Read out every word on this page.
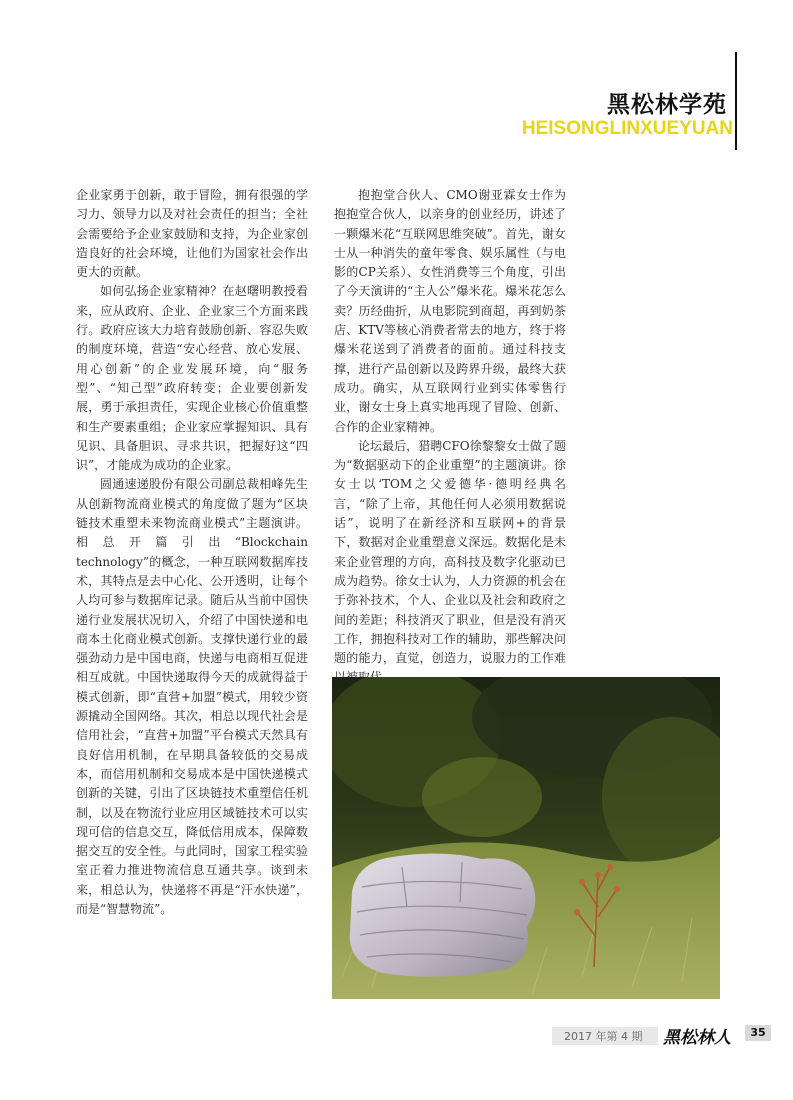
黑松林学苑
HEISONGLINXUEYUAN

企业家勇于创新，敢于冒险，拥有很强的学习力、领导力以及对社会责任的担当；全社会需要给予企业家鼓励和支持，为企业家创造良好的社会环境，让他们为国家社会作出更大的贡献。

如何弘扬企业家精神？在赵曙明教授看来，应从政府、企业、企业家三个方面来践行。政府应该大力培育鼓励创新、容忍失败的制度环境，营造“安心经营、放心发展、用心创新”的企业发展环境，向“服务型”、“知己型”政府转变；企业要创新发展，勇于承担责任，实现企业核心价值重整和生产要素重组；企业家应掌握知识、具有见识、具备胆识、寻求共识，把握好这“四识”，才能成为成功的企业家。

圆通速递股份有限公司副总裁相峰先生从创新物流商业模式的角度做了题为“区块链技术重塑未来物流商业模式”主题演讲。相总开篇引出“Blockchain technology”的概念，一种互联网数据库技术，其特点是去中心化、公开透明，让每个人均可参与数据库记录。随后从当前中国快递行业发展状况切入，介绍了中国快递和电商本土化商业模式创新。支撑快递行业的最强劲动力是中国电商，快递与电商相互促进相互成就。中国快递取得今天的成就得益于模式创新，即“直营+加盟”模式，用较少资源撬动全国网络。其次，相总以现代社会是信用社会，“直营+加盟”平台模式天然具有良好信用机制，在早期具备较低的交易成本，而信用机制和交易成本是中国快递模式创新的关键，引出了区块链技术重塑信任机制，以及在物流行业应用区域链技术可以实现可信的信息交互，降低信用成本，保障数据交互的安全性。与此同时，国家工程实验室正着力推进物流信息互通共享。谈到未来，相总认为，快递将不再是“汗水快递”，而是“智慧物流”。

抱抱堂合伙人、CMO谢亚霖女士作为抱抱堂合伙人，以亲身的创业经历，讲述了一颗爆米花“互联网思维突破”。首先，谢女士从一种消失的童年零食、娱乐属性（与电影的CP关系）、女性消费等三个角度，引出了今天演讲的“主人公”爆米花。爆米花怎么卖？历经曲折，从电影院到商超，再到奶茶店、KTV等核心消费者常去的地方，终于将爆米花送到了消费者的面前。通过科技支撑，进行产品创新以及跨界升级，最终大获成功。确实，从互联网行业到实体零售行业，谢女士身上真实地再现了冒险、创新、合作的企业家精神。

论坛最后，猎聘CFO徐黎黎女士做了题为“数据驱动下的企业重塑”的主题演讲。徐女士以‘TOM之父爱德华·德明经典名言，“除了上帝，其他任何人必须用数据说话”，说明了在新经济和互联网+的背景下，数据对企业重塑意义深远。数据化是未来企业管理的方向，高科技及数字化驱动已成为趋势。徐女士认为，人力资源的机会在于弥补技术，个人、企业以及社会和政府之间的差距；科技消灭了职业，但是没有消灭工作，拥抱科技对工作的辅助，那些解决问题的能力，直觉，创造力，说服力的工作难

2017 年第 4 期	黑松林人	35
